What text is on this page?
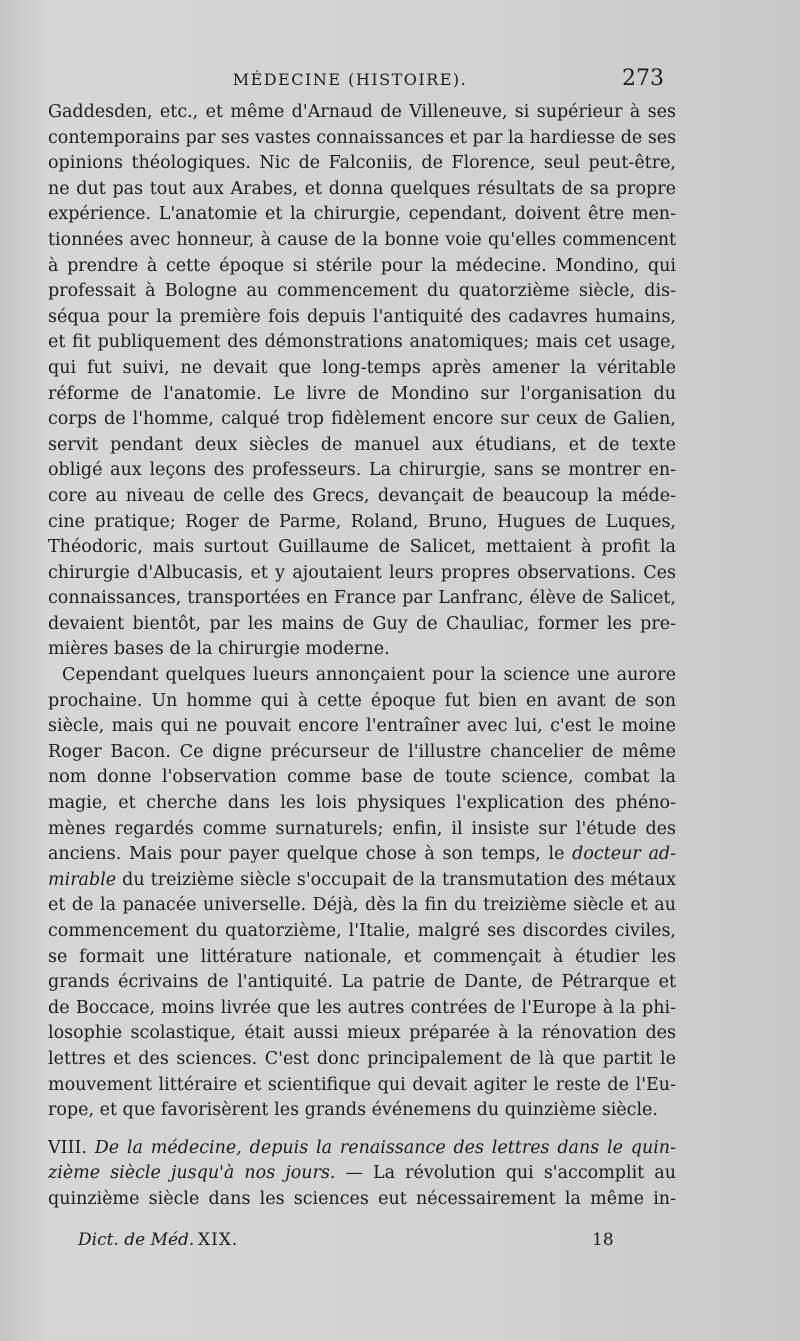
MÉDECINE (HISTOIRE).	273
Gaddesden, etc., et même d'Arnaud de Villeneuve, si supérieur à ses
contemporains par ses vastes connaissances et par la hardiesse de ses
opinions théologiques. Nic de Falconiis, de Florence, seul peut-être,
ne dut pas tout aux Arabes, et donna quelques résultats de sa propre
expérience. L'anatomie et la chirurgie, cependant, doivent être men-
tionnées avec honneur, à cause de la bonne voie qu'elles commencent
à prendre à cette époque si stérile pour la médecine. Mondino, qui
professait à Bologne au commencement du quatorzième siècle, dis-
séqua pour la première fois depuis l'antiquité des cadavres humains,
et fit publiquement des démonstrations anatomiques; mais cet usage,
qui fut suivi, ne devait que long-temps après amener la véritable
réforme de l'anatomie. Le livre de Mondino sur l'organisation du
corps de l'homme, calqué trop fidèlement encore sur ceux de Galien,
servit pendant deux siècles de manuel aux étudians, et de texte
obligé aux leçons des professeurs. La chirurgie, sans se montrer en-
core au niveau de celle des Grecs, devançait de beaucoup la méde-
cine pratique; Roger de Parme, Roland, Bruno, Hugues de Luques,
Théodoric, mais surtout Guillaume de Salicet, mettaient à profit la
chirurgie d'Albucasis, et y ajoutaient leurs propres observations. Ces
connaissances, transportées en France par Lanfranc, élève de Salicet,
devaient bientôt, par les mains de Guy de Chauliac, former les pre-
mières bases de la chirurgie moderne.
Cependant quelques lueurs annonçaient pour la science une aurore
prochaine. Un homme qui à cette époque fut bien en avant de son
siècle, mais qui ne pouvait encore l'entraîner avec lui, c'est le moine
Roger Bacon. Ce digne précurseur de l'illustre chancelier de même
nom donne l'observation comme base de toute science, combat la
magie, et cherche dans les lois physiques l'explication des phéno-
mènes regardés comme surnaturels; enfin, il insiste sur l'étude des
anciens. Mais pour payer quelque chose à son temps, le docteur ad-
mirable du treizième siècle s'occupait de la transmutation des métaux
et de la panacée universelle. Déjà, dès la fin du treizième siècle et au
commencement du quatorzième, l'Italie, malgré ses discordes civiles,
se formait une littérature nationale, et commençait à étudier les
grands écrivains de l'antiquité. La patrie de Dante, de Pétrarque et
de Boccace, moins livrée que les autres contrées de l'Europe à la phi-
losophie scolastique, était aussi mieux préparée à la rénovation des
lettres et des sciences. C'est donc principalement de là que partit le
mouvement littéraire et scientifique qui devait agiter le reste de l'Eu-
rope, et que favorisèrent les grands événemens du quinzième siècle.
VIII. De la médecine, depuis la renaissance des lettres dans le quin-
zième siècle jusqu'à nos jours. — La révolution qui s'accomplit au
quinzième siècle dans les sciences eut nécessairement la même in-
Dict. de Méd. XIX.	18
